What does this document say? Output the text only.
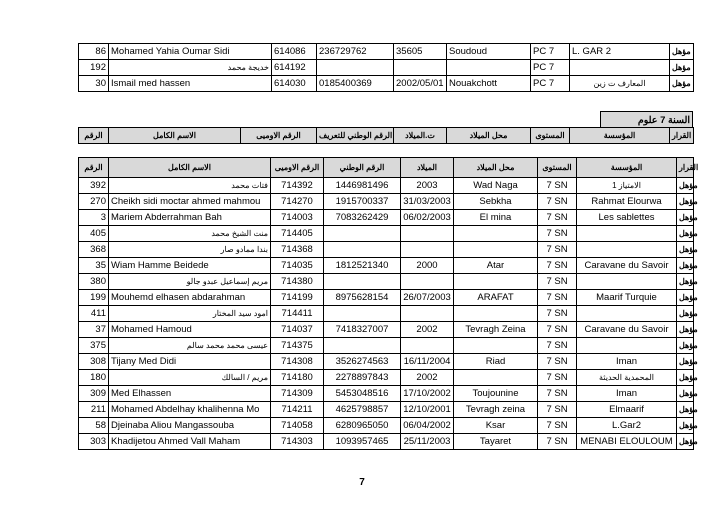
86	Mohamed Yahia Oumar Sidi	614086	236729762	35605	Soudoud	PC 7	L. GAR 2	مؤهل
192	خديجة محمد	614192				PC 7		مؤهل
30	Ismail med hassen	614030	0185400369	2002/05/01	Nouakchott	PC 7	المعارف ت زين	مؤهل
السنة 7 علوم
الرقم	الاسم الكامل	الرقم الاوميى	الرقم الوطني للتعريف	ت.الميلاد	محل الميلاد	المستوى	المؤسسة	القرار
الرقم	الاسم الكامل	الرقم الاوميى	الرقم الوطني	الميلاد	محل الميلاد	المستوى	المؤسسة	القرار
392	فتات محمد	714392	1446981496	2003	Wad Naga	7 SN	الامتياز 1	مؤهل
270	Cheikh sidi moctar ahmed mahmou	714270	1915700337	31/03/2003	Sebkha	7 SN	Rahmat Elourwa	مؤهل
3	Mariem Abderrahman Bah	714003	7083262429	06/02/2003	El mina	7 SN	Les sablettes	مؤهل
405	منت الشيخ محمد	714405				7 SN		مؤهل
368	بندا ممادو صار	714368				7 SN		مؤهل
35	Wiam Hamme Beidede	714035	1812521340	2000	Atar	7 SN	Caravane du Savoir	مؤهل
380	مريم إسماعيل عبدو جالو	714380				7 SN		مؤهل
199	Mouhemd elhasen abdarahman	714199	8975628154	26/07/2003	ARAFAT	7 SN	Maarif Turquie	مؤهل
411	امود سيد المختار	714411				7 SN		مؤهل
37	Mohamed Hamoud	714037	7418327007	2002	Tevragh Zeina	7 SN	Caravane du Savoir	مؤهل
375	عيسى محمد محمد سالم	714375				7 SN		مؤهل
308	Tijany Med Didi	714308	3526274563	16/11/2004	Riad	7 SN	Iman	مؤهل
180	مريم / السالك	714180	2278897843	2002		7 SN	المحمدية الحديثة	مؤهل
309	Med Elhassen	714309	5453048516	17/10/2002	Toujounine	7 SN	Iman	مؤهل
211	Mohamed Abdelhay khalihenna Mo	714211	4625798857	12/10/2001	Tevragh zeina	7 SN	Elmaarif	مؤهل
58	Djeinaba Aliou Mangassouba	714058	6280965050	06/04/2002	Ksar	7 SN	L.Gar2	مؤهل
303	Khadijetou Ahmed Vall Maham	714303	1093957465	25/11/2003	Tayaret	7 SN	MENABI ELOULOUM	مؤهل
7
